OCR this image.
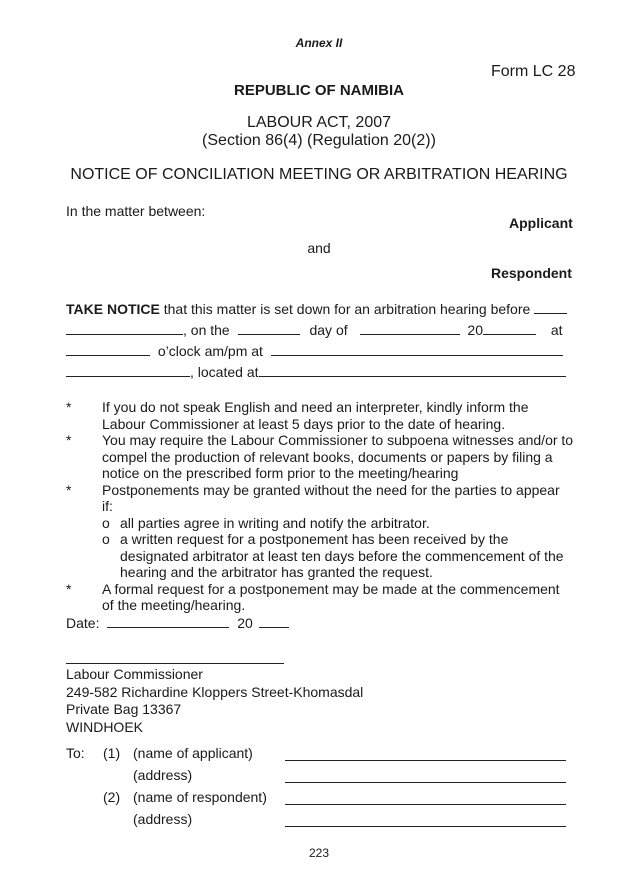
Annex II
Form LC 28
REPUBLIC OF NAMIBIA
LABOUR ACT, 2007
(Section 86(4) (Regulation 20(2))
NOTICE OF CONCILIATION MEETING OR ARBITRATION HEARING
In the matter between:
Applicant
and
Respondent
TAKE NOTICE that this matter is set down for an arbitration hearing before
, on the	day of	20	at
o’clock am/pm at
, located at
* If you do not speak English and need an interpreter, kindly inform the Labour Commissioner at least 5 days prior to the date of hearing.
* You may require the Labour Commissioner to subpoena witnesses and/or to compel the production of relevant books, documents or papers by filing a notice on the prescribed form prior to the meeting/hearing
* Postponements may be granted without the need for the parties to appear if:
o all parties agree in writing and notify the arbitrator.
o a written request for a postponement has been received by the designated arbitrator at least ten days before the commencement of the hearing and the arbitrator has granted the request.
* A formal request for a postponement may be made at the commencement of the meeting/hearing.
Date:	20
Labour Commissioner
249-582 Richardine Kloppers Street-Khomasdal
Private Bag 13367
WINDHOEK
To: (1) (name of applicant)
(address)
(2) (name of respondent)
(address)
223
